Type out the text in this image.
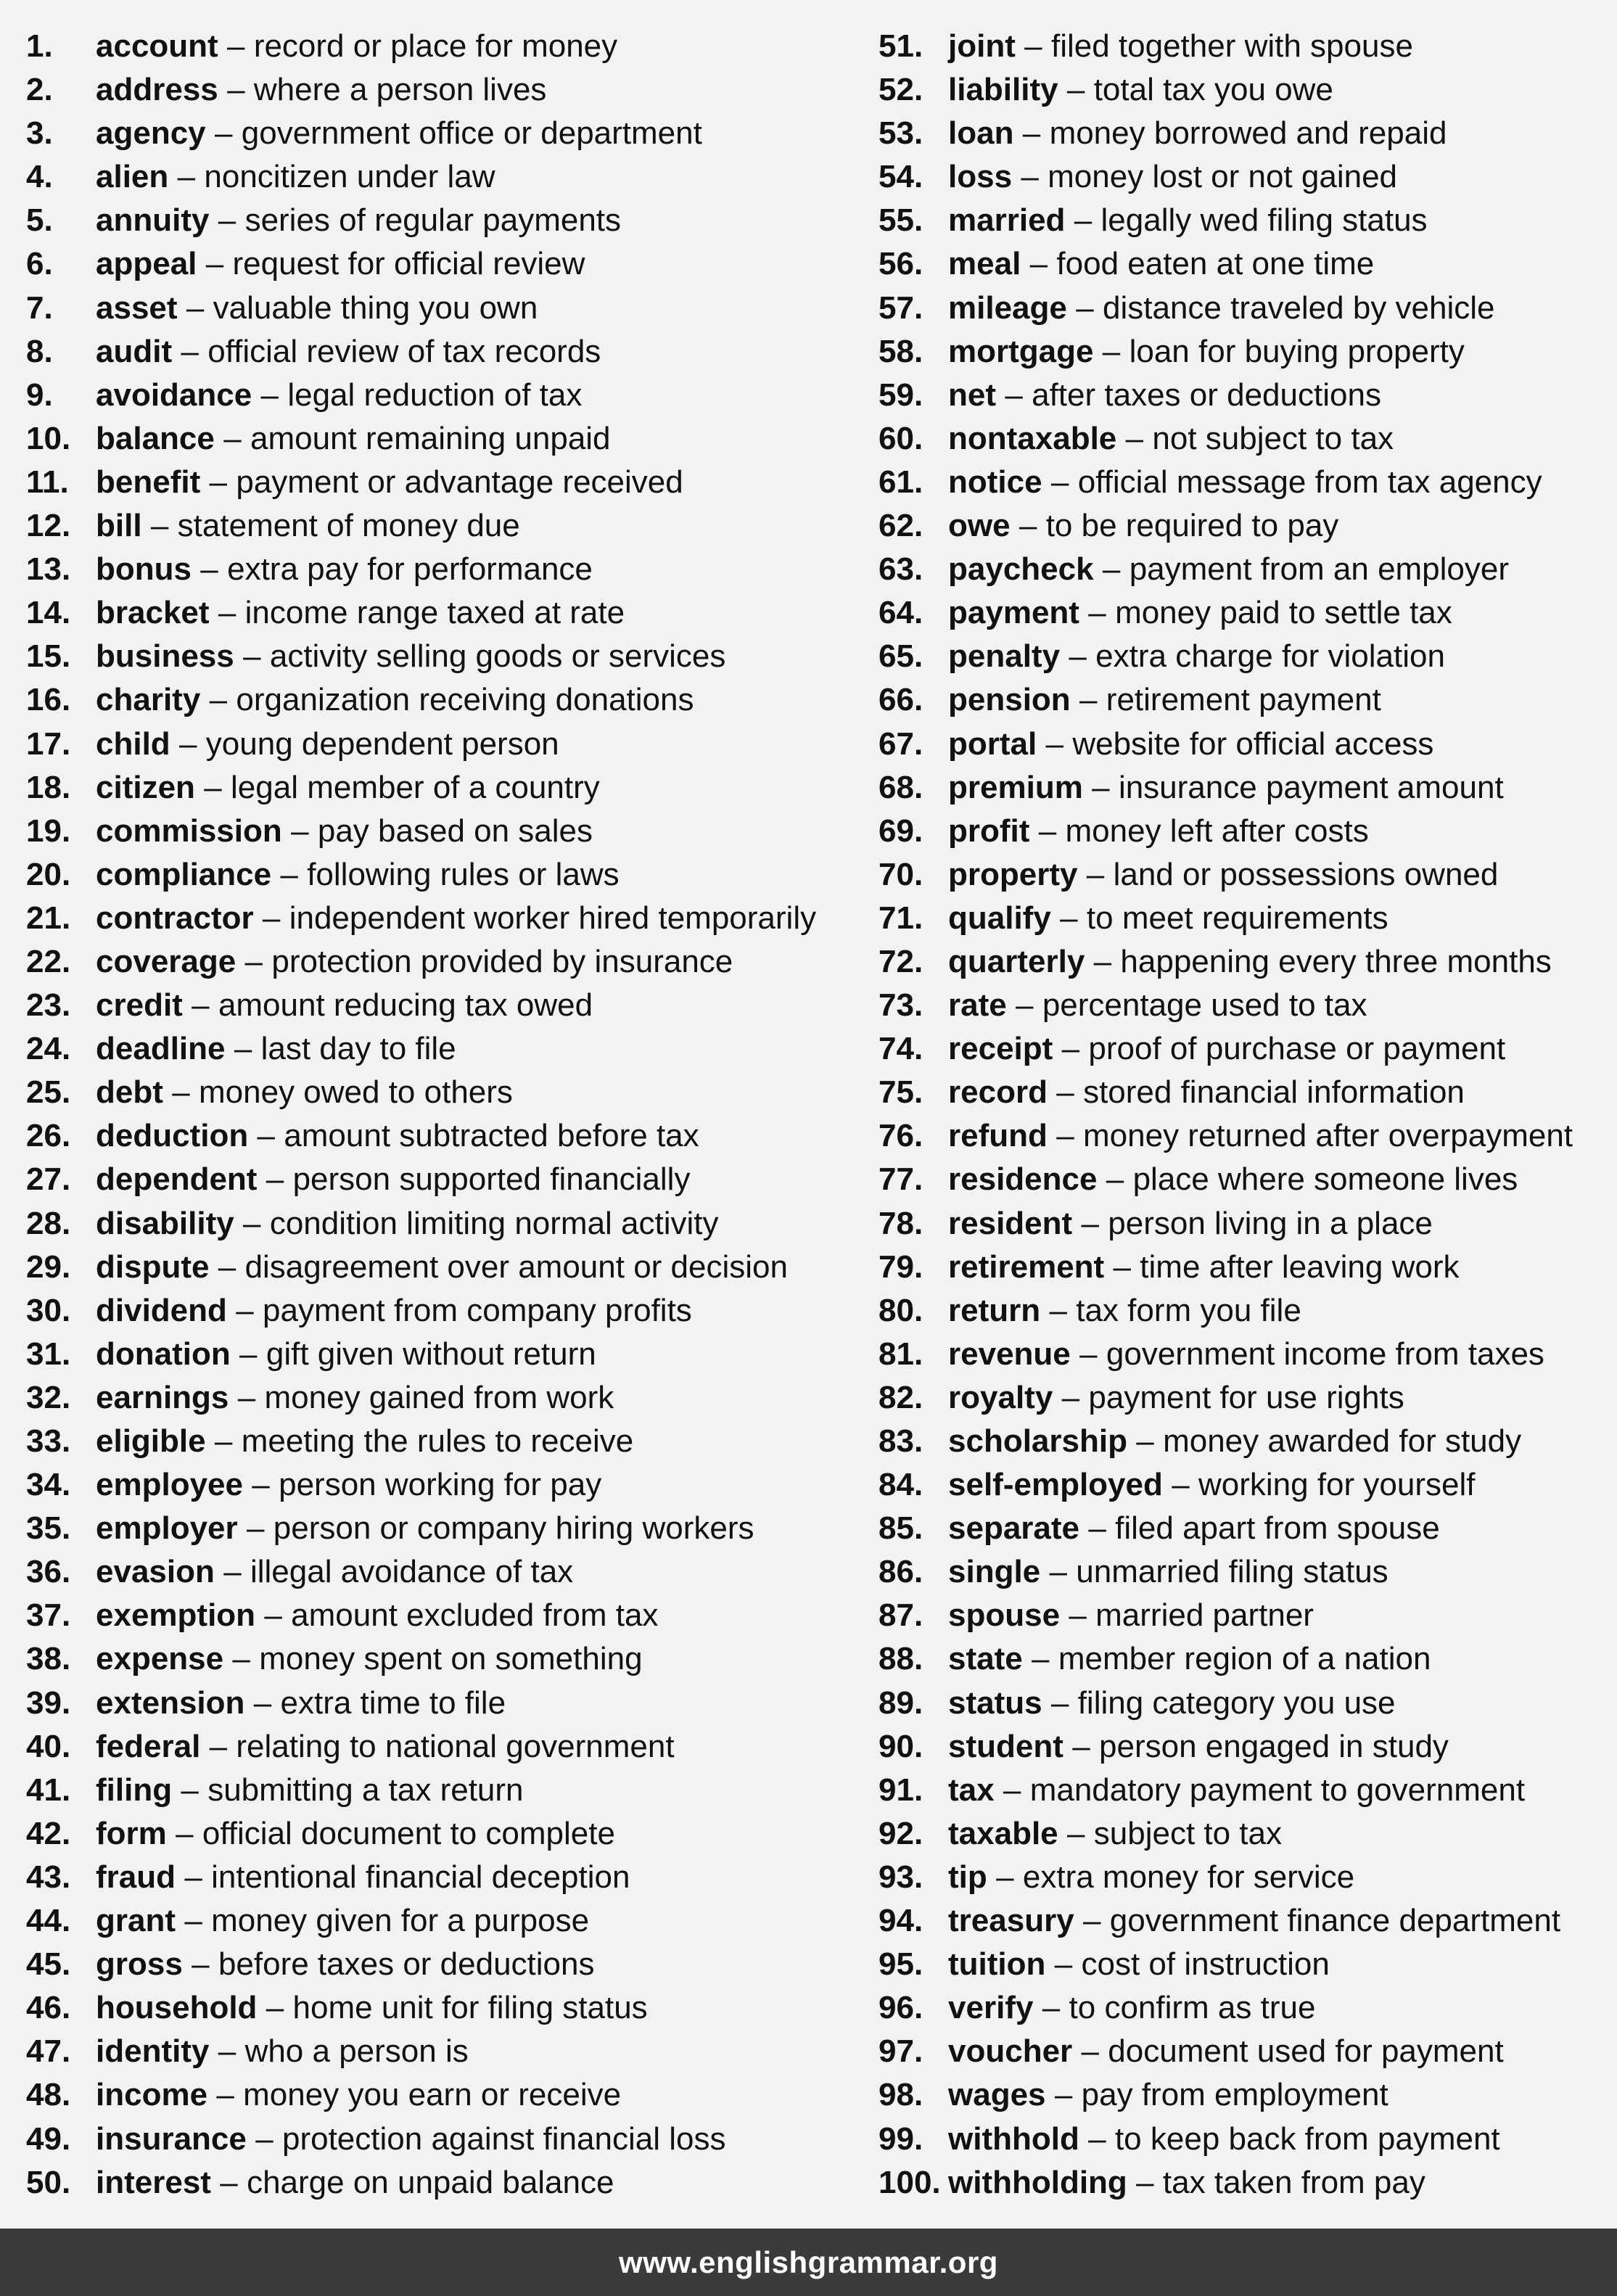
1.	account – record or place for money
2.	address – where a person lives
3.	agency – government office or department
4.	alien – noncitizen under law
5.	annuity – series of regular payments
6.	appeal – request for official review
7.	asset – valuable thing you own
8.	audit – official review of tax records
9.	avoidance – legal reduction of tax
10. balance – amount remaining unpaid
11. benefit – payment or advantage received
12. bill – statement of money due
13. bonus – extra pay for performance
14. bracket – income range taxed at rate
15. business – activity selling goods or services
16. charity – organization receiving donations
17. child – young dependent person
18. citizen – legal member of a country
19. commission – pay based on sales
20. compliance – following rules or laws
21. contractor – independent worker hired temporarily
22. coverage – protection provided by insurance
23. credit – amount reducing tax owed
24. deadline – last day to file
25. debt – money owed to others
26. deduction – amount subtracted before tax
27. dependent – person supported financially
28. disability – condition limiting normal activity
29. dispute – disagreement over amount or decision
30. dividend – payment from company profits
31. donation – gift given without return
32. earnings – money gained from work
33. eligible – meeting the rules to receive
34. employee – person working for pay
35. employer – person or company hiring workers
36. evasion – illegal avoidance of tax
37. exemption – amount excluded from tax
38. expense – money spent on something
39. extension – extra time to file
40. federal – relating to national government
41. filing – submitting a tax return
42. form – official document to complete
43. fraud – intentional financial deception
44. grant – money given for a purpose
45. gross – before taxes or deductions
46. household – home unit for filing status
47. identity – who a person is
48. income – money you earn or receive
49. insurance – protection against financial loss
50. interest – charge on unpaid balance
51. joint – filed together with spouse
52. liability – total tax you owe
53. loan – money borrowed and repaid
54. loss – money lost or not gained
55. married – legally wed filing status
56. meal – food eaten at one time
57. mileage – distance traveled by vehicle
58. mortgage – loan for buying property
59. net – after taxes or deductions
60. nontaxable – not subject to tax
61. notice – official message from tax agency
62. owe – to be required to pay
63. paycheck – payment from an employer
64. payment – money paid to settle tax
65. penalty – extra charge for violation
66. pension – retirement payment
67. portal – website for official access
68. premium – insurance payment amount
69. profit – money left after costs
70. property – land or possessions owned
71. qualify – to meet requirements
72. quarterly – happening every three months
73. rate – percentage used to tax
74. receipt – proof of purchase or payment
75. record – stored financial information
76. refund – money returned after overpayment
77. residence – place where someone lives
78. resident – person living in a place
79. retirement – time after leaving work
80. return – tax form you file
81. revenue – government income from taxes
82. royalty – payment for use rights
83. scholarship – money awarded for study
84. self-employed – working for yourself
85. separate – filed apart from spouse
86. single – unmarried filing status
87. spouse – married partner
88. state – member region of a nation
89. status – filing category you use
90. student – person engaged in study
91. tax – mandatory payment to government
92. taxable – subject to tax
93. tip – extra money for service
94. treasury – government finance department
95. tuition – cost of instruction
96. verify – to confirm as true
97. voucher – document used for payment
98. wages – pay from employment
99. withhold – to keep back from payment
100. withholding – tax taken from pay
www.englishgrammar.org
